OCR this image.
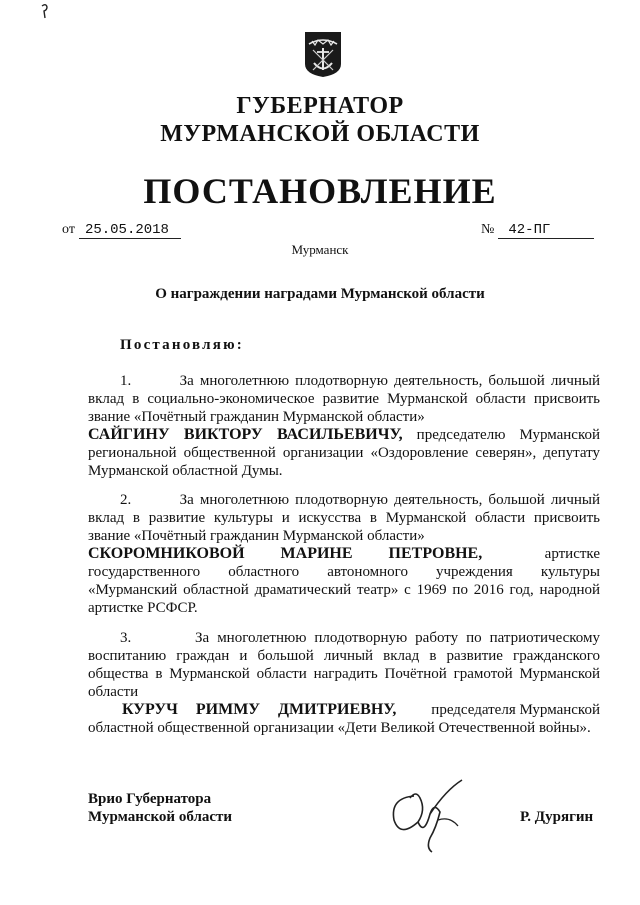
ГУБЕРНАТОР
МУРМАНСКОЙ ОБЛАСТИ
ПОСТАНОВЛЕНИЕ
от 25.05.2018	№ 42-ПГ
Мурманск
О награждении наградами Мурманской области
Постановляю:
1.	За многолетнюю плодотворную деятельность, большой личный
вклад в социально-экономическое развитие Мурманской области присвоить
звание «Почётный гражданин Мурманской области»
САЙГИНУ ВИКТОРУ ВАСИЛЬЕВИЧУ, председателю Мурманской
региональной общественной организации «Оздоровление северян», депутату
Мурманской областной Думы.
2.	За многолетнюю плодотворную деятельность, большой личный
вклад в развитие культуры и искусства в Мурманской области присвоить
звание «Почётный гражданин Мурманской области»
СКОРОМНИКОВОЙ МАРИНЕ ПЕТРОВНЕ,	артистке
государственного областного автономного учреждения культуры
«Мурманский областной драматический театр» с 1969 по 2016 год, народной
артистке РСФСР.
3.	За многолетнюю плодотворную работу по патриотическому
воспитанию граждан и большой личный вклад в развитие гражданского
общества в Мурманской области наградить Почётной грамотой Мурманской
области
КУРУЧ РИММУ ДМИТРИЕВНУ, председателя Мурманской
областной общественной организации «Дети Великой Отечественной войны».
Врио Губернатора
Мурманской области	Р. Дурягин
